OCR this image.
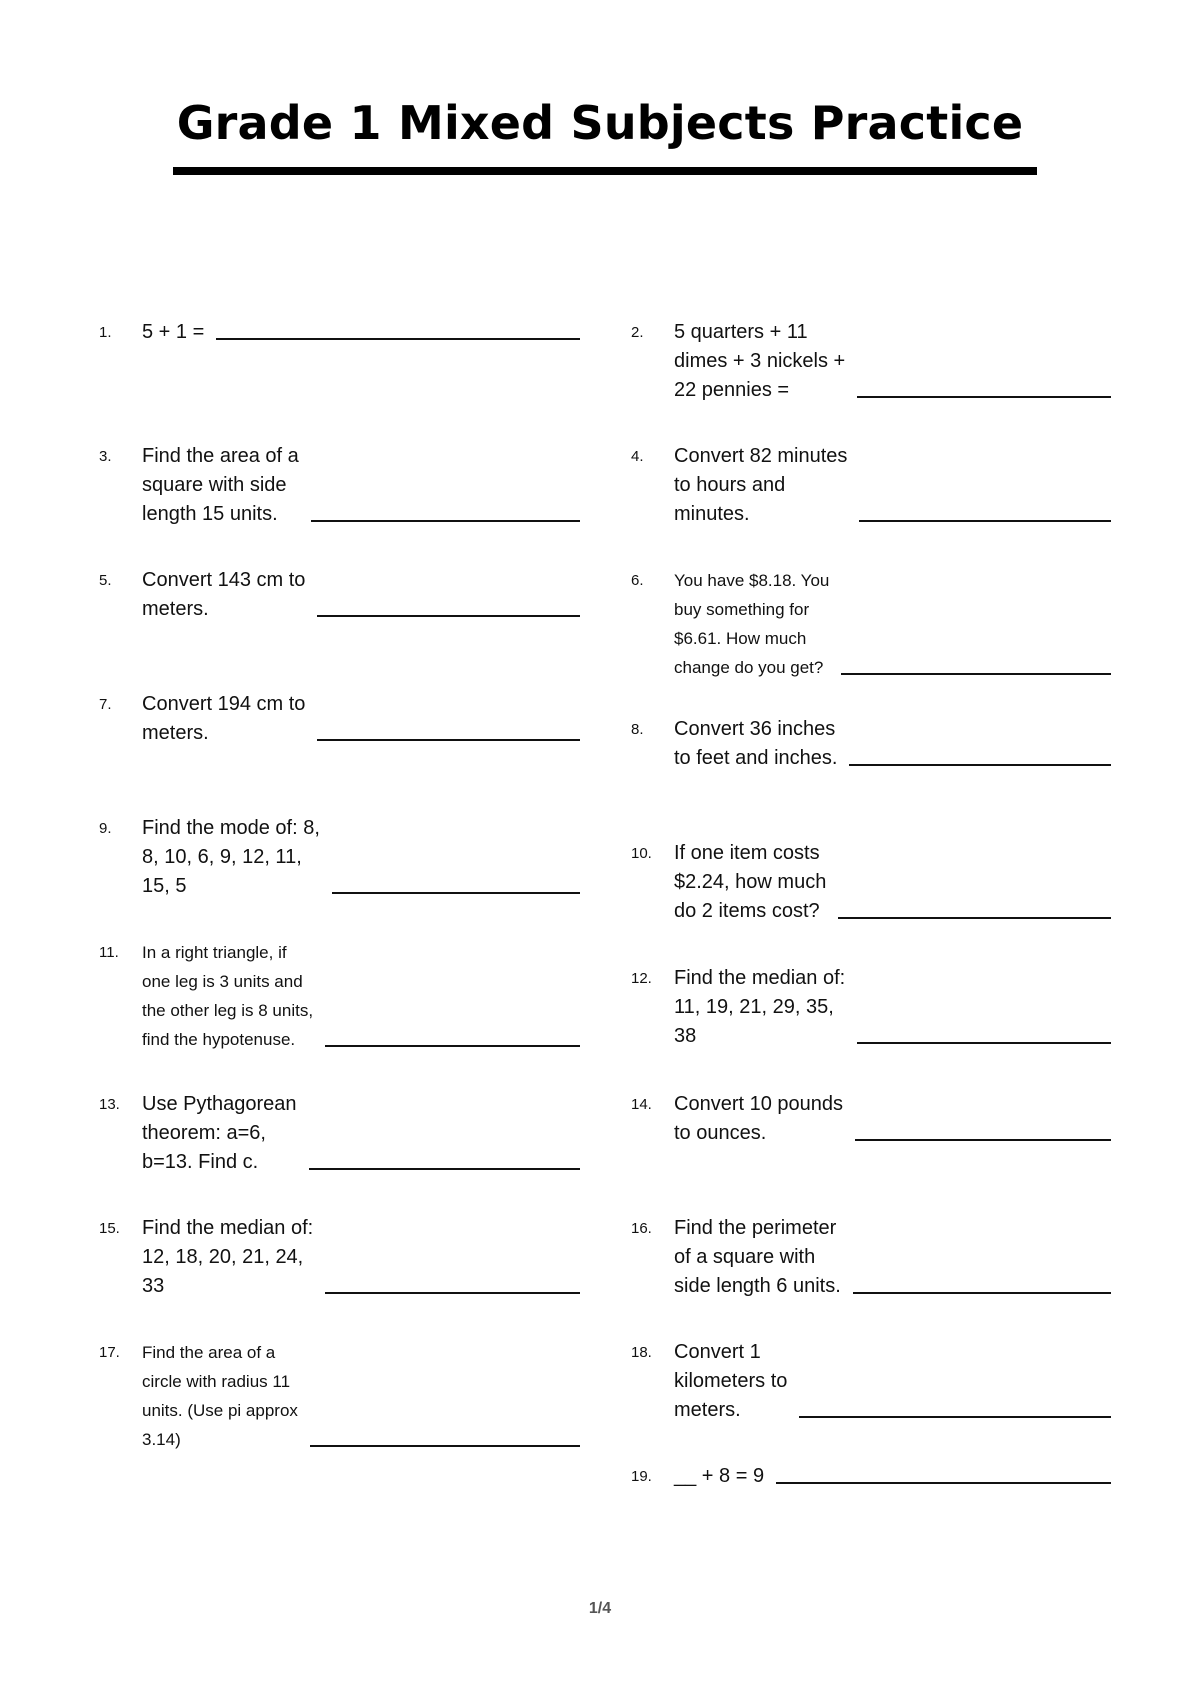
Grade 1 Mixed Subjects Practice
1. 5 + 1 =
3. Find the area of a
square with side
length 15 units.
5. Convert 143 cm to
meters.
7. Convert 194 cm to
meters.
9. Find the mode of: 8,
8, 10, 6, 9, 12, 11,
15, 5
11. In a right triangle, if
one leg is 3 units and
the other leg is 8 units,
find the hypotenuse.
13. Use Pythagorean
theorem: a=6,
b=13. Find c.
15. Find the median of:
12, 18, 20, 21, 24,
33
17. Find the area of a
circle with radius 11
units. (Use pi approx
3.14)
2. 5 quarters + 11
dimes + 3 nickels +
22 pennies =
4. Convert 82 minutes
to hours and
minutes.
6. You have $8.18. You
buy something for
$6.61. How much
change do you get?
8. Convert 36 inches
to feet and inches.
10. If one item costs
$2.24, how much
do 2 items cost?
12. Find the median of:
11, 19, 21, 29, 35,
38
14. Convert 10 pounds
to ounces.
16. Find the perimeter
of a square with
side length 6 units.
18. Convert 1
kilometers to
meters.
19. __ + 8 = 9
1/4
